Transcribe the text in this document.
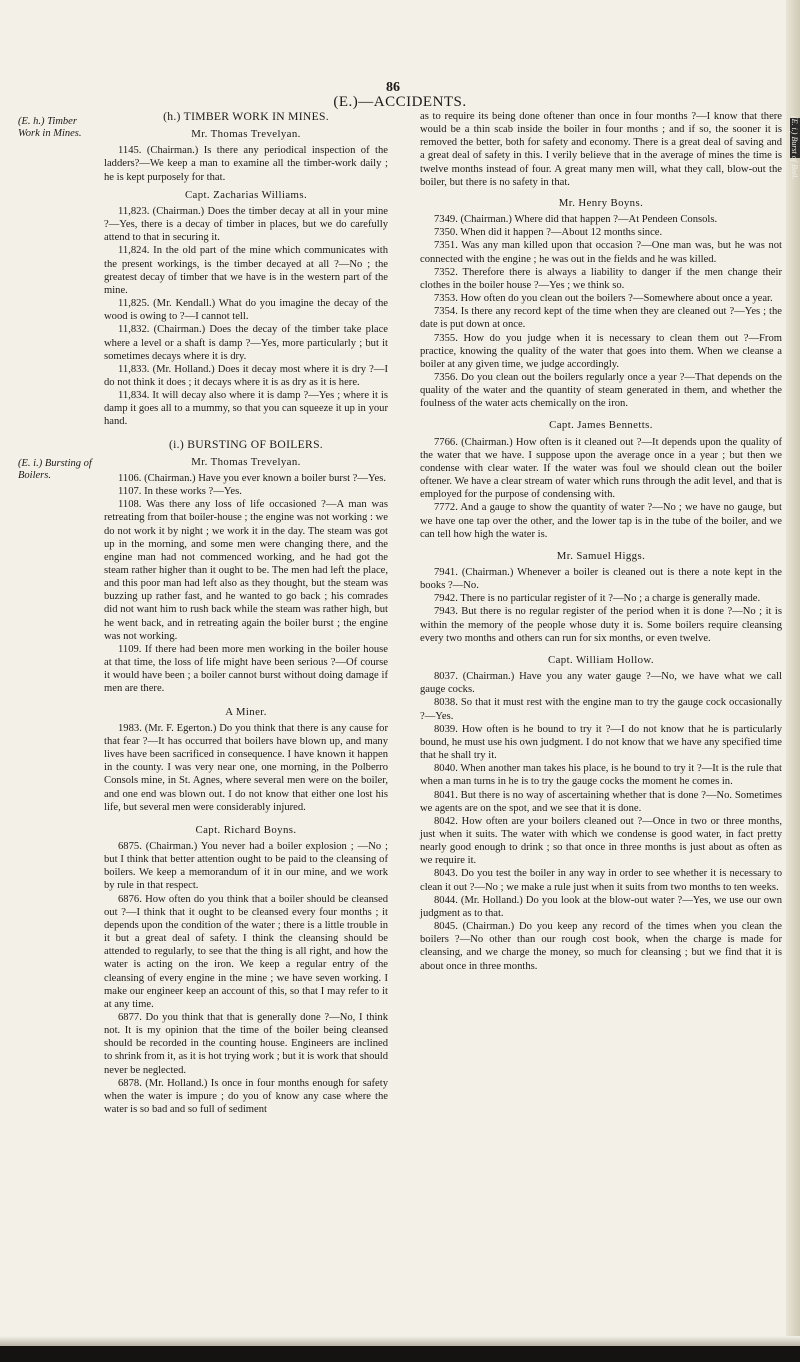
86
(E.)—ACCIDENTS.
(E. h.) Timber Work in Mines.
(E. i.) Bursting of Boilers.
(h.) TIMBER WORK IN MINES.
Mr. Thomas Trevelyan.

1145. (Chairman.) Is there any periodical inspection of the ladders?—We keep a man to examine all the timber-work daily ; he is kept purposely for that.

Capt. Zacharias Williams.

11,823. (Chairman.) Does the timber decay at all in your mine ?—Yes, there is a decay of timber in places, but we do carefully attend to that in securing it.

11,824. In the old part of the mine which communicates with the present workings, is the timber decayed at all ?—No ; the greatest decay of timber that we have is in the western part of the mine.

11,825. (Mr. Kendall.) What do you imagine the decay of the wood is owing to ?—I cannot tell.

11,832. (Chairman.) Does the decay of the timber take place where a level or a shaft is damp ?—Yes, more particularly ; but it sometimes decays where it is dry.

11,833. (Mr. Holland.) Does it decay most where it is dry ?—I do not think it does ; it decays where it is as dry as it is here.

11,834. It will decay also where it is damp ?—Yes ; where it is damp it goes all to a mummy, so that you can squeeze it up in your hand.

(i.) BURSTING OF BOILERS.
Mr. Thomas Trevelyan.

1106. (Chairman.) Have you ever known a boiler burst ?—Yes.

1107. In these works ?—Yes.

1108. Was there any loss of life occasioned ?—A man was retreating from that boiler-house ; the engine was not working : we do not work it by night ; we work it in the day. The steam was got up in the morning, and some men were changing there, and the engine man had not commenced working, and he had got the steam rather higher than it ought to be. The men had left the place, and this poor man had left also as they thought, but the steam was buzzing up rather fast, and he wanted to go back ; his comrades did not want him to rush back while the steam was rather high, but he went back, and in retreating again the boiler burst ; the engine was not working.

1109. If there had been more men working in the boiler house at that time, the loss of life might have been serious ?—Of course it would have been ; a boiler cannot burst without doing damage if men are there.

A Miner.

1983. (Mr. F. Egerton.) Do you think that there is any cause for that fear ?—It has occurred that boilers have blown up, and many lives have been sacrificed in consequence. I have known it happen in the county. I was very near one, one morning, in the Polberro Consols mine, in St. Agnes, where several men were on the boiler, and one end was blown out. I do not know that either one lost his life, but several men were considerably injured.

Capt. Richard Boyns.

6875. (Chairman.) You never had a boiler explosion ; —No ; but I think that better attention ought to be paid to the cleansing of boilers. We keep a memorandum of it in our mine, and we work by rule in that respect.

6876. How often do you think that a boiler should be cleansed out ?—I think that it ought to be cleansed every four months ; it depends upon the condition of the water ; there is a little trouble in it but a great deal of safety. I think the cleansing should be attended to regularly, to see that the thing is all right, and how the water is acting on the iron. We keep a regular entry of the cleansing of every engine in the mine ; we have seven working. I make our engineer keep an account of this, so that I may refer to it at any time.

6877. Do you think that that is generally done ?—No, I think not. It is my opinion that the time of the boiler being cleansed should be recorded in the counting house. Engineers are inclined to shrink from it, as it is hot trying work ; but it is work that should never be neglected.

6878. (Mr. Holland.) Is once in four months enough for safety when the water is impure ; do you of know any case where the water is so bad and so full of sediment

as to require its being done oftener than once in four months ?—I know that there would be a thin scab inside the boiler in four months ; and if so, the sooner it is removed the better, both for safety and economy. There is a great deal of saving and a great deal of safety in this. I verily believe that in the average of mines the time is twelve months instead of four. A great many men will, what they call, blow-out the boiler, but there is no safety in that.

Mr. Henry Boyns.

7349. (Chairman.) Where did that happen ?—At Pendeen Consols.

7350. When did it happen ?—About 12 months since.

7351. Was any man killed upon that occasion ?—One man was, but he was not connected with the engine ; he was out in the fields and he was killed.

7352. Therefore there is always a liability to danger if the men change their clothes in the boiler house ?—Yes ; we think so.

7353. How often do you clean out the boilers ?—Somewhere about once a year.

7354. Is there any record kept of the time when they are cleaned out ?—Yes ; the date is put down at once.

7355. How do you judge when it is necessary to clean them out ?—From practice, knowing the quality of the water that goes into them. When we cleanse a boiler at any given time, we judge accordingly.

7356. Do you clean out the boilers regularly once a year ?—That depends on the quality of the water and the quantity of steam generated in them, and whether the foulness of the water acts chemically on the iron.

Capt. James Bennetts.

7766. (Chairman.) How often is it cleaned out ?—It depends upon the quality of the water that we have. I suppose upon the average once in a year ; but then we condense with clear water. If the water was foul we should clean out the boiler oftener. We have a clear stream of water which runs through the adit level, and that is employed for the purpose of condensing with.

7772. And a gauge to show the quantity of water ?—No ; we have no gauge, but we have one tap over the other, and the lower tap is in the tube of the boiler, and we can tell how high the water is.

Mr. Samuel Higgs.

7941. (Chairman.) Whenever a boiler is cleaned out is there a note kept in the books ?—No.

7942. There is no particular register of it ?—No ; a charge is generally made.

7943. But there is no regular register of the period when it is done ?—No ; it is within the memory of the people whose duty it is. Some boilers require cleansing every two months and others can run for six months, or even twelve.

Capt. William Hollow.

8037. (Chairman.) Have you any water gauge ?—No, we have what we call gauge cocks.

8038. So that it must rest with the engine man to try the gauge cock occasionally ?—Yes.

8039. How often is he bound to try it ?—I do not know that he is particularly bound, he must use his own judgment. I do not know that we have any specified time that he shall try it.

8040. When another man takes his place, is he bound to try it ?—It is the rule that when a man turns in he is to try the gauge cocks the moment he comes in.

8041. But there is no way of ascertaining whether that is done ?—No. Sometimes we agents are on the spot, and we see that it is done.

8042. How often are your boilers cleaned out ?—Once in two or three months, just when it suits. The water with which we condense is good water, in fact pretty nearly good enough to drink ; so that once in three months is just about as often as we require it.

8043. Do you test the boiler in any way in order to see whether it is necessary to clean it out ?—No ; we make a rule just when it suits from two months to ten weeks.

8044. (Mr. Holland.) Do you look at the blow-out water ?—Yes, we use our own judgment as to that.

8045. (Chairman.) Do you keep any record of the times when you clean the boilers ?—No other than our rough cost book, when the charge is made for cleansing, and we charge the money, so much for cleansing ; but we find that it is about once in three months.

(E. i.) Burst of Boil.
